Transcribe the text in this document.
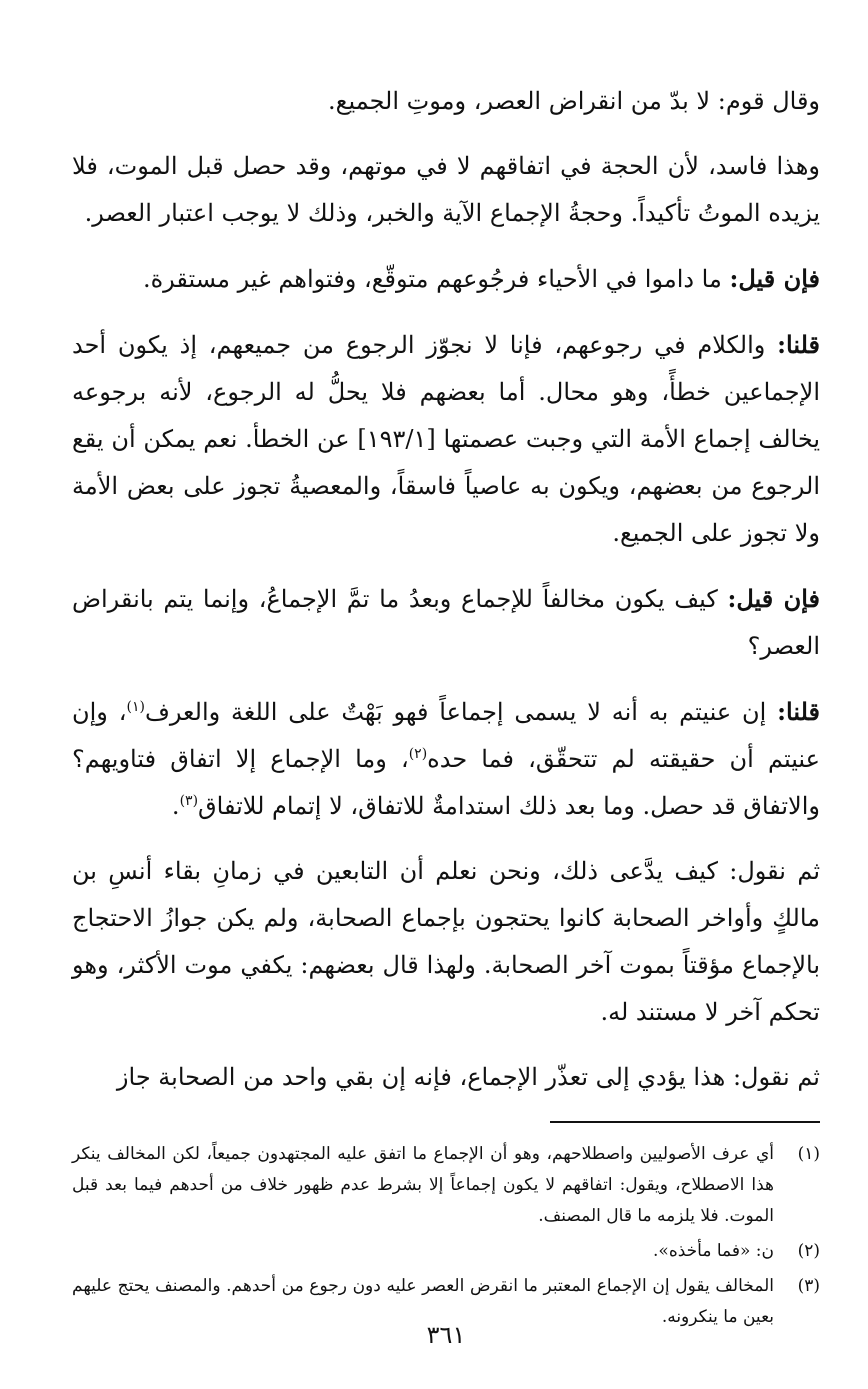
وقال قوم: لا بدّ من انقراض العصر، وموتِ الجميع.

وهذا فاسد، لأن الحجة في اتفاقهم لا في موتهم، وقد حصل قبل الموت، فلا يزيده الموتُ تأكيداً. وحجةُ الإجماع الآية والخبر، وذلك لا يوجب اعتبار العصر.

فإن قيل: ما داموا في الأحياء فرجُوعهم متوقّع، وفتواهم غير مستقرة.

قلنا: والكلام في رجوعهم، فإنا لا نجوّز الرجوع من جميعهم، إذ يكون أحد الإجماعين خطأً، وهو محال. أما بعضهم فلا يحلُّ له الرجوع، لأنه برجوعه يخالف إجماع الأمة التي وجبت عصمتها [١٩٣/١] عن الخطأ. نعم يمكن أن يقع الرجوع من بعضهم، ويكون به عاصياً فاسقاً، والمعصيةُ تجوز على بعض الأمة ولا تجوز على الجميع.

فإن قيل: كيف يكون مخالفاً للإجماع وبعدُ ما تمَّ الإجماعُ، وإنما يتم بانقراض العصر؟

قلنا: إن عنيتم به أنه لا يسمى إجماعاً فهو بَهْتٌ على اللغة والعرف$^{(١)}$، وإن عنيتم أن حقيقته لم تتحقّق، فما حده$^{(٢)}$، وما الإجماع إلا اتفاق فتاويهم؟ والاتفاق قد حصل. وما بعد ذلك استدامةٌ للاتفاق، لا إتمام للاتفاق$^{(٣)}$.

ثم نقول: كيف يدَّعى ذلك، ونحن نعلم أن التابعين في زمانِ بقاء أنسِ بن مالكٍ وأواخر الصحابة كانوا يحتجون بإجماع الصحابة، ولم يكن جوازُ الاحتجاج بالإجماع مؤقتاً بموت آخر الصحابة. ولهذا قال بعضهم: يكفي موت الأكثر، وهو تحكم آخر لا مستند له.

ثم نقول: هذا يؤدي إلى تعذّر الإجماع، فإنه إن بقي واحد من الصحابة جاز

(١)
أي عرف الأصوليين واصطلاحهم، وهو أن الإجماع ما اتفق عليه المجتهدون جميعاً، لكن المخالف ينكر هذا الاصطلاح، ويقول: اتفاقهم لا يكون إجماعاً إلا بشرط عدم ظهور خلاف من أحدهم فيما بعد قبل الموت. فلا يلزمه ما قال المصنف.
(٢)
ن: «فما مأخذه».
(٣)
المخالف يقول إن الإجماع المعتبر ما انقرض العصر عليه دون رجوع من أحدهم. والمصنف يحتج عليهم بعين ما ينكرونه.
٣٦١
